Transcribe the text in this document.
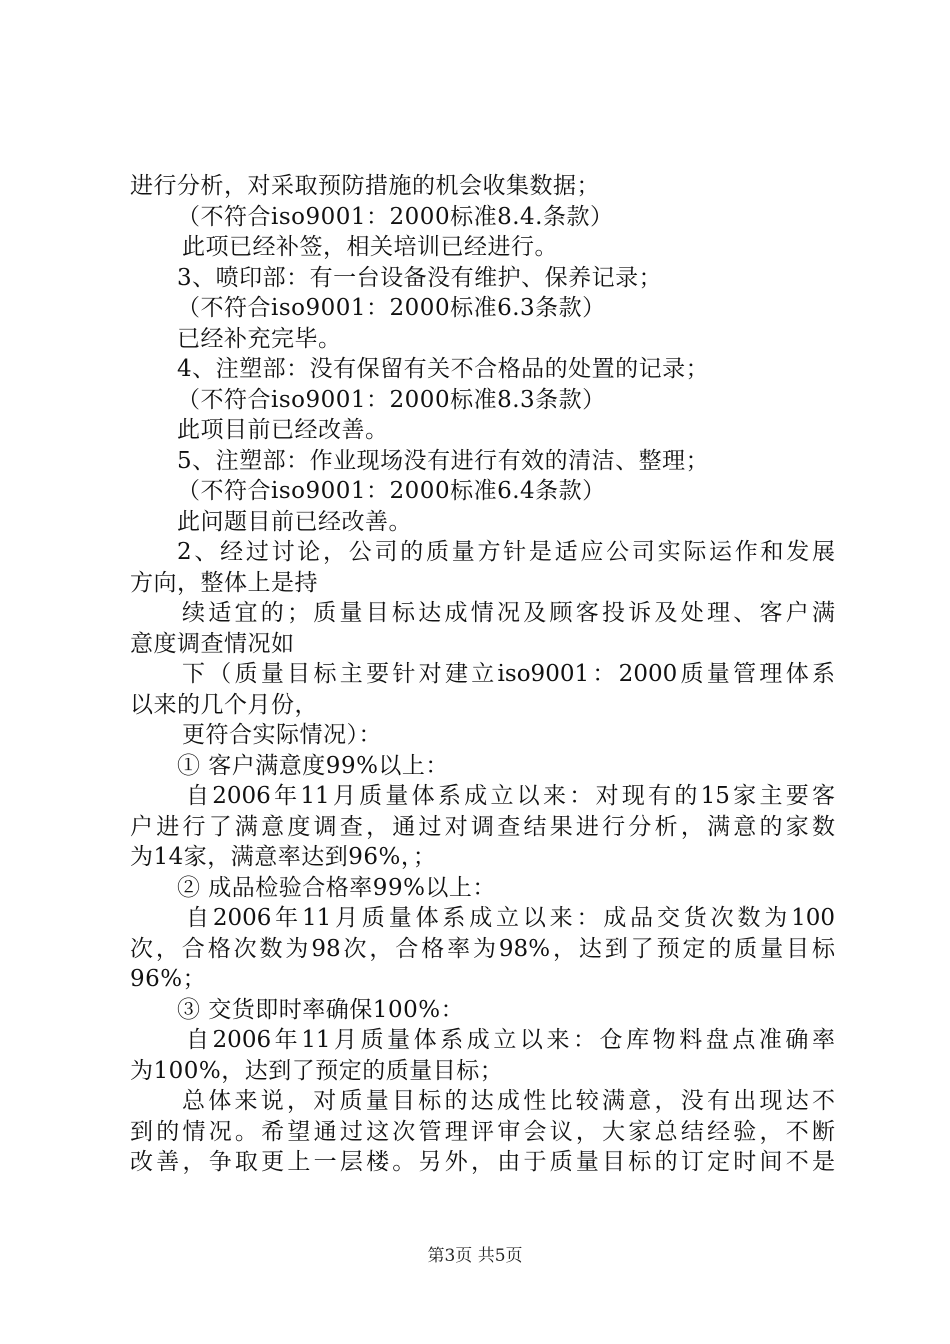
进行分析，对采取预防措施的机会收集数据；
（不符合iso9001：2000标准8.4.条款）
此项已经补签，相关培训已经进行。
3、喷印部：有一台设备没有维护、保养记录；
（不符合iso9001：2000标准6.3条款）
已经补充完毕。
4、注塑部：没有保留有关不合格品的处置的记录；
（不符合iso9001：2000标准8.3条款）
此项目前已经改善。
5、注塑部：作业现场没有进行有效的清洁、整理；
（不符合iso9001：2000标准6.4条款）
此问题目前已经改善。
2、经过讨论，公司的质量方针是适应公司实际运作和发展
方向，整体上是持
续适宜的；质量目标达成情况及顾客投诉及处理、客户满
意度调查情况如
下（质量目标主要针对建立iso9001：2000质量管理体系
以来的几个月份，
更符合实际情况）：
① 客户满意度99%以上：
自2006年11月质量体系成立以来：对现有的15家主要客
户进行了满意度调查，通过对调查结果进行分析，满意的家数
为14家，满意率达到96%，；
② 成品检验合格率99%以上：
自2006年11月质量体系成立以来：成品交货次数为100
次，合格次数为98次，合格率为98%，达到了预定的质量目标
96%；
③ 交货即时率确保100%：
自2006年11月质量体系成立以来：仓库物料盘点准确率
为100%，达到了预定的质量目标；
总体来说，对质量目标的达成性比较满意，没有出现达不
到的情况。希望通过这次管理评审会议，大家总结经验，不断
改善，争取更上一层楼。另外，由于质量目标的订定时间不是
第3页 共5页
